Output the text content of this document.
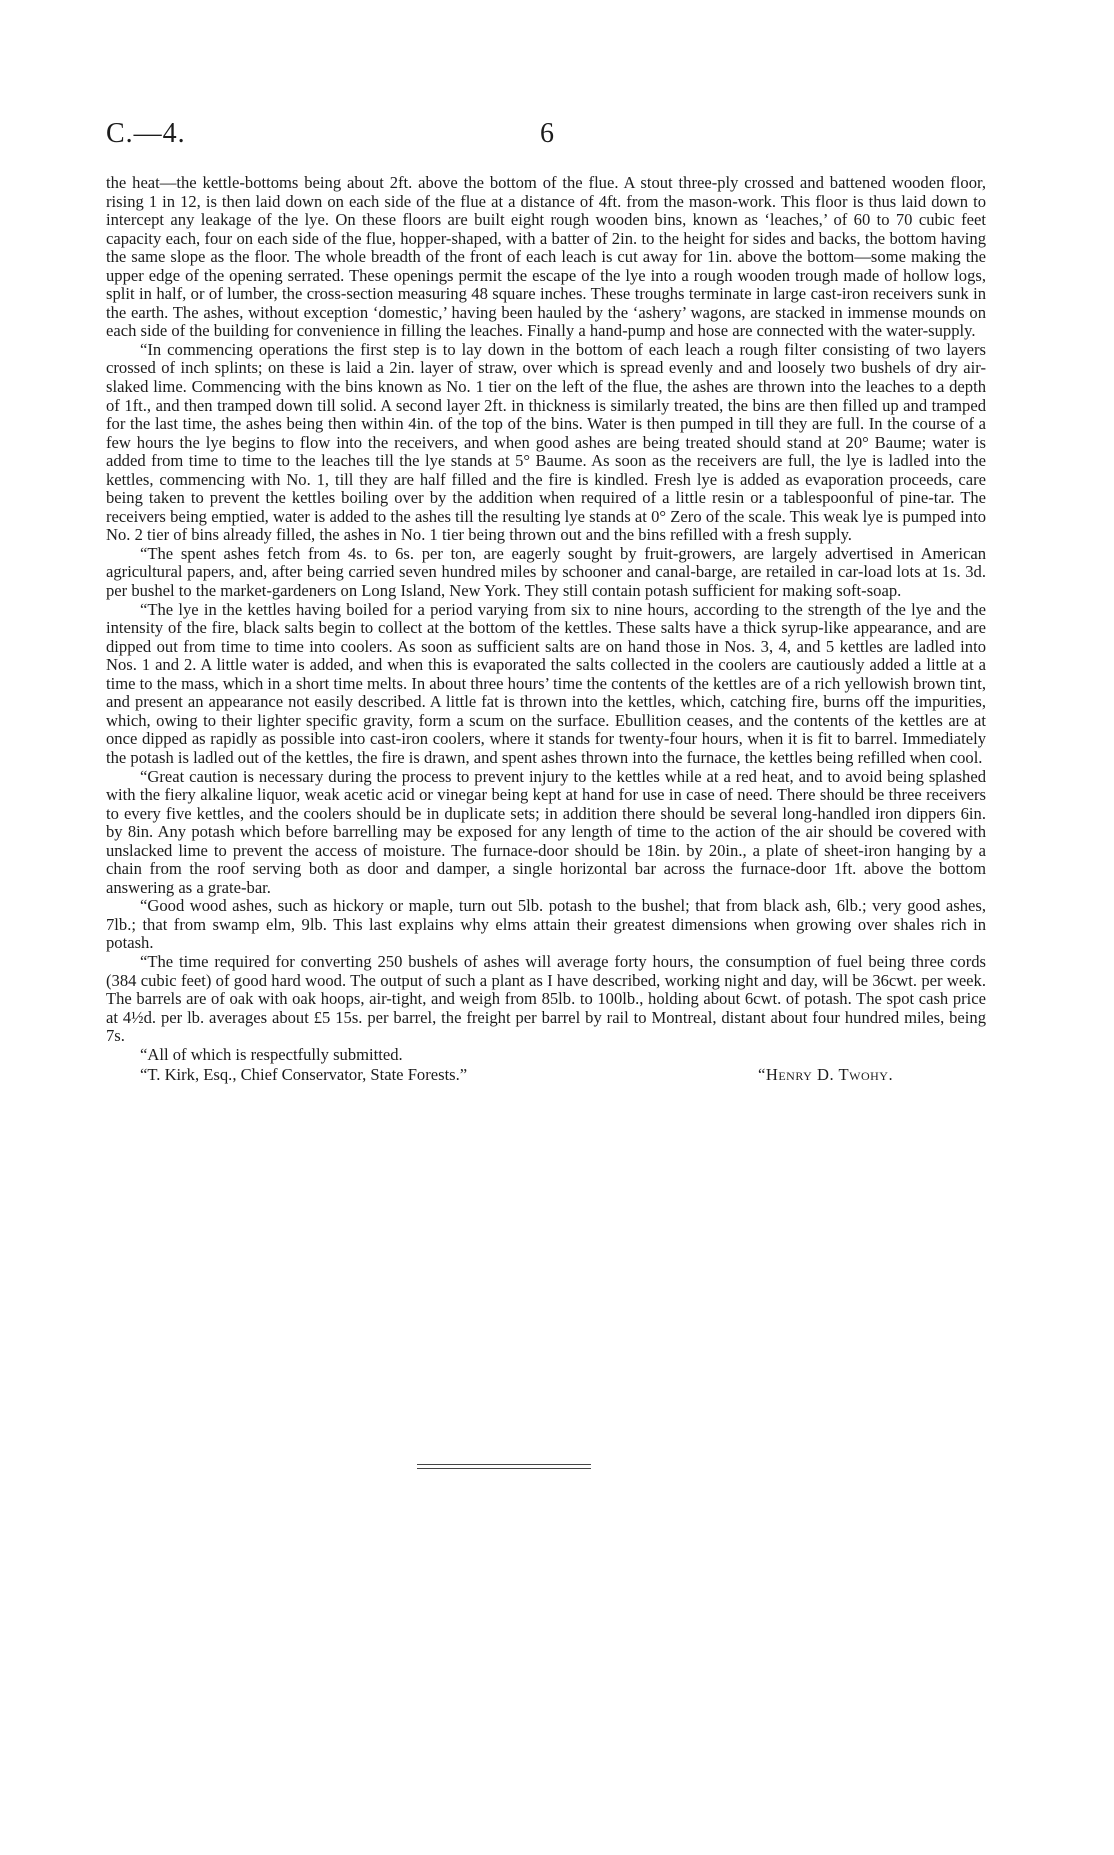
C.—4.	6

the heat—the kettle-bottoms being about 2ft. above the bottom of the flue. A stout three-ply crossed and battened wooden floor, rising 1 in 12, is then laid down on each side of the flue at a distance of 4ft. from the mason-work. This floor is thus laid down to intercept any leakage of the lye. On these floors are built eight rough wooden bins, known as ‘leaches,’ of 60 to 70 cubic feet capacity each, four on each side of the flue, hopper-shaped, with a batter of 2in. to the height for sides and backs, the bottom having the same slope as the floor. The whole breadth of the front of each leach is cut away for 1in. above the bottom—some making the upper edge of the opening serrated. These openings permit the escape of the lye into a rough wooden trough made of hollow logs, split in half, or of lumber, the cross-section measuring 48 square inches. These troughs terminate in large cast-iron receivers sunk in the earth. The ashes, without exception ‘domestic,’ having been hauled by the ‘ashery’ wagons, are stacked in immense mounds on each side of the building for convenience in filling the leaches. Finally a hand-pump and hose are connected with the water-supply.

“In commencing operations the first step is to lay down in the bottom of each leach a rough filter consisting of two layers crossed of inch splints; on these is laid a 2in. layer of straw, over which is spread evenly and and loosely two bushels of dry air-slaked lime. Commencing with the bins known as No. 1 tier on the left of the flue, the ashes are thrown into the leaches to a depth of 1ft., and then tramped down till solid. A second layer 2ft. in thickness is similarly treated, the bins are then filled up and tramped for the last time, the ashes being then within 4in. of the top of the bins. Water is then pumped in till they are full. In the course of a few hours the lye begins to flow into the receivers, and when good ashes are being treated should stand at 20° Baume; water is added from time to time to the leaches till the lye stands at 5° Baume. As soon as the receivers are full, the lye is ladled into the kettles, commencing with No. 1, till they are half filled and the fire is kindled. Fresh lye is added as evaporation proceeds, care being taken to prevent the kettles boiling over by the addition when required of a little resin or a tablespoonful of pine-tar. The receivers being emptied, water is added to the ashes till the resulting lye stands at 0° Zero of the scale. This weak lye is pumped into No. 2 tier of bins already filled, the ashes in No. 1 tier being thrown out and the bins refilled with a fresh supply.

“The spent ashes fetch from 4s. to 6s. per ton, are eagerly sought by fruit-growers, are largely advertised in American agricultural papers, and, after being carried seven hundred miles by schooner and canal-barge, are retailed in car-load lots at 1s. 3d. per bushel to the market-gardeners on Long Island, New York. They still contain potash sufficient for making soft-soap.

“The lye in the kettles having boiled for a period varying from six to nine hours, according to the strength of the lye and the intensity of the fire, black salts begin to collect at the bottom of the kettles. These salts have a thick syrup-like appearance, and are dipped out from time to time into coolers. As soon as sufficient salts are on hand those in Nos. 3, 4, and 5 kettles are ladled into Nos. 1 and 2. A little water is added, and when this is evaporated the salts collected in the coolers are cautiously added a little at a time to the mass, which in a short time melts. In about three hours’ time the contents of the kettles are of a rich yellowish brown tint, and present an appearance not easily described. A little fat is thrown into the kettles, which, catching fire, burns off the impurities, which, owing to their lighter specific gravity, form a scum on the surface. Ebullition ceases, and the contents of the kettles are at once dipped as rapidly as possible into cast-iron coolers, where it stands for twenty-four hours, when it is fit to barrel. Immediately the potash is ladled out of the kettles, the fire is drawn, and spent ashes thrown into the furnace, the kettles being refilled when cool.

“Great caution is necessary during the process to prevent injury to the kettles while at a red heat, and to avoid being splashed with the fiery alkaline liquor, weak acetic acid or vinegar being kept at hand for use in case of need. There should be three receivers to every five kettles, and the coolers should be in duplicate sets; in addition there should be several long-handled iron dippers 6in. by 8in. Any potash which before barrelling may be exposed for any length of time to the action of the air should be covered with unslacked lime to prevent the access of moisture. The furnace-door should be 18in. by 20in., a plate of sheet-iron hanging by a chain from the roof serving both as door and damper, a single horizontal bar across the furnace-door 1ft. above the bottom answering as a grate-bar.

“Good wood ashes, such as hickory or maple, turn out 5lb. potash to the bushel; that from black ash, 6lb.; very good ashes, 7lb.; that from swamp elm, 9lb. This last explains why elms attain their greatest dimensions when growing over shales rich in potash.

“The time required for converting 250 bushels of ashes will average forty hours, the consumption of fuel being three cords (384 cubic feet) of good hard wood. The output of such a plant as I have described, working night and day, will be 36cwt. per week. The barrels are of oak with oak hoops, air-tight, and weigh from 85lb. to 100lb., holding about 6cwt. of potash. The spot cash price at 4½d. per lb. averages about £5 15s. per barrel, the freight per barrel by rail to Montreal, distant about four hundred miles, being 7s.

“All of which is respectfully submitted.

“T. Kirk, Esq., Chief Conservator, State Forests.”	“Henry D. Twohy.
